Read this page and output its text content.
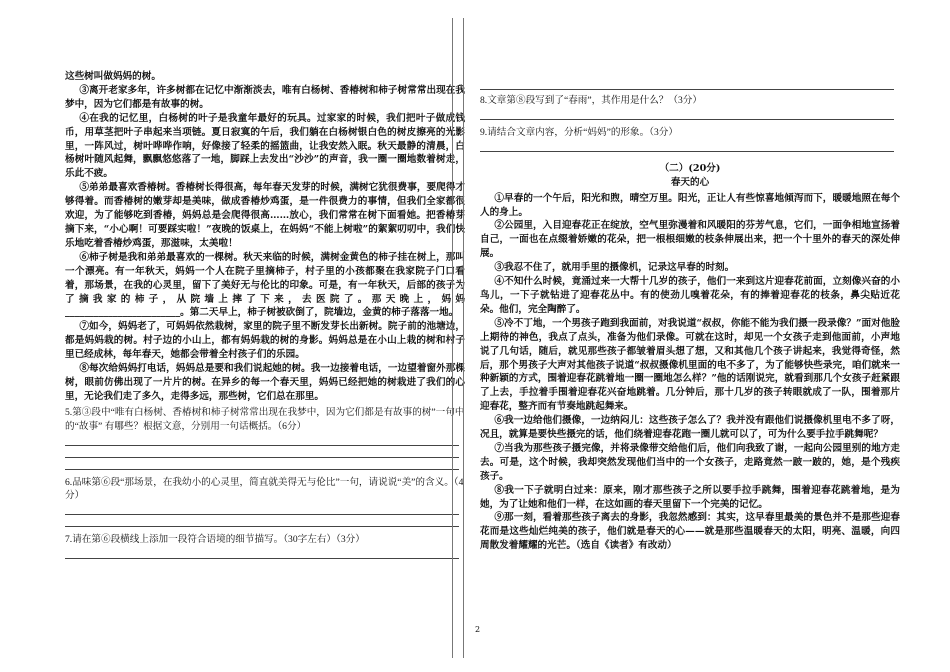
这些树叫做妈妈的树。

③离开老家多年，许多树都在记忆中渐渐淡去，唯有白杨树、香椿树和柿子树常常出现在我梦中，因为它们都是有故事的树。

④在我的记忆里，白杨树的叶子是我童年最好的玩具。过家家的时候，我们把叶子做成钱币，用草茎把叶子串起来当项链。夏日寂寞的午后，我们躺在白杨树银白色的树皮擦亮的光影里，一阵风过，树叶哗哗作响，好像接了轻柔的摇篮曲，让我安然入眠。秋天最静的清晨，白杨树叶随风起舞，飘飘悠悠落了一地，脚踩上去发出“沙沙”的声音，我一圈一圈地数着树走，乐此不疲。

⑤弟弟最喜欢香椿树。香椿树长得很高，每年春天发芽的时候，满树它犹很费事，要爬得才够得着。而香椿树的嫩芽却是美味，做成香椿炒鸡蛋，是一件很费力的事情，但我们全家都很欢迎，为了能够吃到香椿，妈妈总是会爬得很高……放心，我们常常在树下面看她。把香椿芽摘下来，“小心啊！可要踩实啦！”夜晚的饭桌上，在妈妈“不能上树啦”的絮絮叨叨中，我们快乐地吃着香椿炒鸡蛋，那滋味，太美啦！

⑥柿子树是我和弟弟最喜欢的一棵树。秋天来临的时候，满树金黄色的柿子挂在树上，那叫一个漂亮。有一年秋天，妈妈一个人在院子里摘柿子，村子里的小孩都聚在我家院子门口看着，那场景，在我的心灵里，留下了美好无与伦比的印象。可是，有一年秋天，后部的孩子为了摘我家的柿子，从院墙上摔了下来，去医院了。那天晚上，妈妈________________________。第二天早上，柿子树被砍倒了，院墙边，金黄的柿子落落一地。

⑦如今，妈妈老了，可妈妈依然栽树，家里的院子里不断发芽长出新树。院子前的池塘边，都是妈妈栽的树。村子边的小山上，都有妈妈栽的树的身影。妈妈总是在小山上栽的树和村子里已经成林，每年春天，她都会带着全村孩子们的乐园。

⑧每次给妈妈打电话，妈妈总是要和我们说起她的树。我一边接着电话，一边望着窗外那棵树，眼前仿佛出现了一片片的树。在异乡的每一个春天里，妈妈已经把她的树栽进了我们的心里，无论我们走了多久，走得多远，那些树，它们总在那里。

5.第③段中“唯有白杨树、香椿树和柿子树常常出现在我梦中，因为它们都是有故事的树”一句中的“故事” 有哪些？根据文意，分别用一句话概括。（6分）

6.品味第⑥段“那场景，在我幼小的心灵里，简直就美得无与伦比”一句，请说说“美”的含义。（4分）

7.请在第⑥段横线上添加一段符合语境的细节描写。（30字左右）（3分）

8.文章第⑧段写到了“春雨”，其作用是什么？（3分）

9.请结合文章内容，分析“妈妈”的形象。（3分）

（二）(20分)

春天的心

①早春的一个午后，阳光和煦，晴空万里。阳光，正让人有些惊喜地倾泻而下，暖暖地照在每个人的身上。

②公园里，入目迎春花正在绽放，空气里弥漫着和风暖阳的芬芳气息，它们，一面争相地宣扬着自己，一面也在点缀着娇嫩的花朵，把一根根细嫩的枝条伸展出来，把一个十里外的春天的深处伸展。

③我忍不住了，就用手里的摄像机，记录这早春的时刻。

④不知什么时候，竟涌过来一大帮十几岁的孩子，他们一来到这片迎春花前面，立刻像兴奋的小鸟儿，一下子就钻进了迎春花丛中。有的使劲儿嗅着花朵，有的捧着迎春花的枝条，鼻尖贴近花朵。他们，完全陶醉了。

⑤冷不丁地，一个男孩子跑到我面前，对我说道“叔叔，你能不能为我们摄一段录像？”面对他脸上期待的神色，我点了点头，准备为他们录像。可就在这时，却见一个女孩子走到他面前，小声地说了几句话，随后，就见那些孩子都皱着眉头想了想，又和其他几个孩子讲起来，我觉得奇怪，然后，那个男孩子大声对其他孩子说道“叔叔摄像机里面的电不多了，为了能够快些录完，咱们就来一种新颖的方式，围着迎春花跳着地一圈一圈地怎么样？”他的话刚说完，就看到那几个女孩子赶紧跟了上去，手拉着手围着迎春花兴奋地跳着。几分钟后，那十几岁的孩子转眼就成了一队，围着那片迎春花，整齐而有节奏地跳起舞来。

⑥我一边给他们摄像，一边纳闷儿：这些孩子怎么了？我并没有跟他们说摄像机里电不多了呀，况且，就算是要快些摄完的话，他们绕着迎春花跑一圈儿就可以了，可为什么要手拉手跳舞呢？

⑦当我为那些孩子摄完像，并将录像带交给他们后，他们向我致了谢，一起向公园里别的地方走去。可是，这个时候，我却突然发现他们当中的一个女孩子，走路竟然一跛一跛的，她，是个残疾孩子。

⑧我一下子就明白过来：原来，刚才那些孩子之所以要手拉手跳舞，围着迎春花跳着地，是为她，为了让她和他们一样，在这如画的春天里留下一个完美的记忆。

⑨那一刻，看着那些孩子离去的身影，我忽然感到：其实，这早春里最美的景色并不是那些迎春花而是这些灿烂纯美的孩子，他们就是春天的心——就是那些温暖春天的太阳，明亮、温暖，向四周散发着耀耀的光芒。（选自《读者》有改动）

2
